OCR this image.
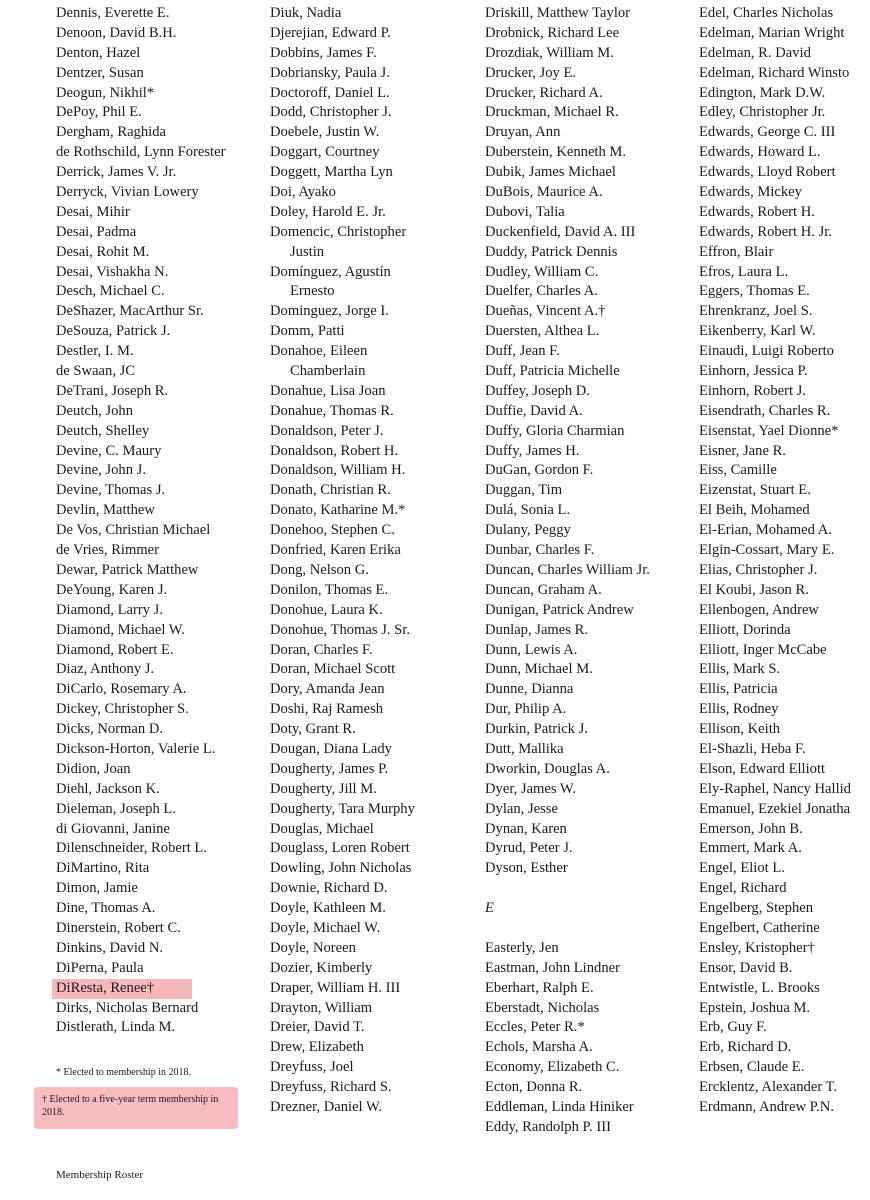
Dennis, Everette E.
Denoon, David B.H.
Denton, Hazel
Dentzer, Susan
Deogun, Nikhil*
DePoy, Phil E.
Dergham, Raghida
de Rothschild, Lynn Forester
Derrick, James V. Jr.
Derryck, Vivian Lowery
Desai, Mihir
Desai, Padma
Desai, Rohit M.
Desai, Vishakha N.
Desch, Michael C.
DeShazer, MacArthur Sr.
DeSouza, Patrick J.
Destler, I. M.
de Swaan, JC
DeTrani, Joseph R.
Deutch, John
Deutch, Shelley
Devine, C. Maury
Devine, John J.
Devine, Thomas J.
Devlin, Matthew
De Vos, Christian Michael
de Vries, Rimmer
Dewar, Patrick Matthew
DeYoung, Karen J.
Diamond, Larry J.
Diamond, Michael W.
Diamond, Robert E.
Diaz, Anthony J.
DiCarlo, Rosemary A.
Dickey, Christopher S.
Dicks, Norman D.
Dickson-Horton, Valerie L.
Didion, Joan
Diehl, Jackson K.
Dieleman, Joseph L.
di Giovanni, Janine
Dilenschneider, Robert L.
DiMartino, Rita
Dimon, Jamie
Dine, Thomas A.
Dinerstein, Robert C.
Dinkins, David N.
DiPerna, Paula
DiResta, Renee†
Dirks, Nicholas Bernard
Distlerath, Linda M.
Diuk, Nadia
Djerejian, Edward P.
Dobbins, James F.
Dobriansky, Paula J.
Doctoroff, Daniel L.
Dodd, Christopher J.
Doebele, Justin W.
Doggart, Courtney
Doggett, Martha Lyn
Doi, Ayako
Doley, Harold E. Jr.
Domencic, Christopher
Justin
Domínguez, Agustín
Ernesto
Dominguez, Jorge I.
Domm, Patti
Donahoe, Eileen
Chamberlain
Donahue, Lisa Joan
Donahue, Thomas R.
Donaldson, Peter J.
Donaldson, Robert H.
Donaldson, William H.
Donath, Christian R.
Donato, Katharine M.*
Donehoo, Stephen C.
Donfried, Karen Erika
Dong, Nelson G.
Donilon, Thomas E.
Donohue, Laura K.
Donohue, Thomas J. Sr.
Doran, Charles F.
Doran, Michael Scott
Dory, Amanda Jean
Doshi, Raj Ramesh
Doty, Grant R.
Dougan, Diana Lady
Dougherty, James P.
Dougherty, Jill M.
Dougherty, Tara Murphy
Douglas, Michael
Douglass, Loren Robert
Dowling, John Nicholas
Downie, Richard D.
Doyle, Kathleen M.
Doyle, Michael W.
Doyle, Noreen
Dozier, Kimberly
Draper, William H. III
Drayton, William
Dreier, David T.
Drew, Elizabeth
Dreyfuss, Joel
Dreyfuss, Richard S.
Drezner, Daniel W.
Driskill, Matthew Taylor
Drobnick, Richard Lee
Drozdiak, William M.
Drucker, Joy E.
Drucker, Richard A.
Druckman, Michael R.
Druyan, Ann
Duberstein, Kenneth M.
Dubik, James Michael
DuBois, Maurice A.
Dubovi, Talia
Duckenfield, David A. III
Duddy, Patrick Dennis
Dudley, William C.
Duelfer, Charles A.
Dueñas, Vincent A.†
Duersten, Althea L.
Duff, Jean F.
Duff, Patricia Michelle
Duffey, Joseph D.
Duffie, David A.
Duffy, Gloria Charmian
Duffy, James H.
DuGan, Gordon F.
Duggan, Tim
Dulá, Sonia L.
Dulany, Peggy
Dunbar, Charles F.
Duncan, Charles William Jr.
Duncan, Graham A.
Dunigan, Patrick Andrew
Dunlap, James R.
Dunn, Lewis A.
Dunn, Michael M.
Dunne, Dianna
Dur, Philip A.
Durkin, Patrick J.
Dutt, Mallika
Dworkin, Douglas A.
Dyer, James W.
Dylan, Jesse
Dynan, Karen
Dyrud, Peter J.
Dyson, Esther
E
Easterly, Jen
Eastman, John Lindner
Eberhart, Ralph E.
Eberstadt, Nicholas
Eccles, Peter R.*
Echols, Marsha A.
Economy, Elizabeth C.
Ecton, Donna R.
Eddleman, Linda Hiniker
Eddy, Randolph P. III
Edel, Charles Nicholas
Edelman, Marian Wright
Edelman, R. David
Edelman, Richard Winsto
Edington, Mark D.W.
Edley, Christopher Jr.
Edwards, George C. III
Edwards, Howard L.
Edwards, Lloyd Robert
Edwards, Mickey
Edwards, Robert H.
Edwards, Robert H. Jr.
Effron, Blair
Efros, Laura L.
Eggers, Thomas E.
Ehrenkranz, Joel S.
Eikenberry, Karl W.
Einaudi, Luigi Roberto
Einhorn, Jessica P.
Einhorn, Robert J.
Eisendrath, Charles R.
Eisenstat, Yael Dionne*
Eisner, Jane R.
Eiss, Camille
Eizenstat, Stuart E.
El Beih, Mohamed
El-Erian, Mohamed A.
Elgin-Cossart, Mary E.
Elias, Christopher J.
El Koubi, Jason R.
Ellenbogen, Andrew
Elliott, Dorinda
Elliott, Inger McCabe
Ellis, Mark S.
Ellis, Patricia
Ellis, Rodney
Ellison, Keith
El-Shazli, Heba F.
Elson, Edward Elliott
Ely-Raphel, Nancy Hallid
Emanuel, Ezekiel Jonatha
Emerson, John B.
Emmert, Mark A.
Engel, Eliot L.
Engel, Richard
Engelberg, Stephen
Engelbert, Catherine
Ensley, Kristopher†
Ensor, David B.
Entwistle, L. Brooks
Epstein, Joshua M.
Erb, Guy F.
Erb, Richard D.
Erbsen, Claude E.
Ercklentz, Alexander T.
Erdmann, Andrew P.N.

* Elected to membership in 2018.

† Elected to a five-year term membership in 2018.

Membership Roster
